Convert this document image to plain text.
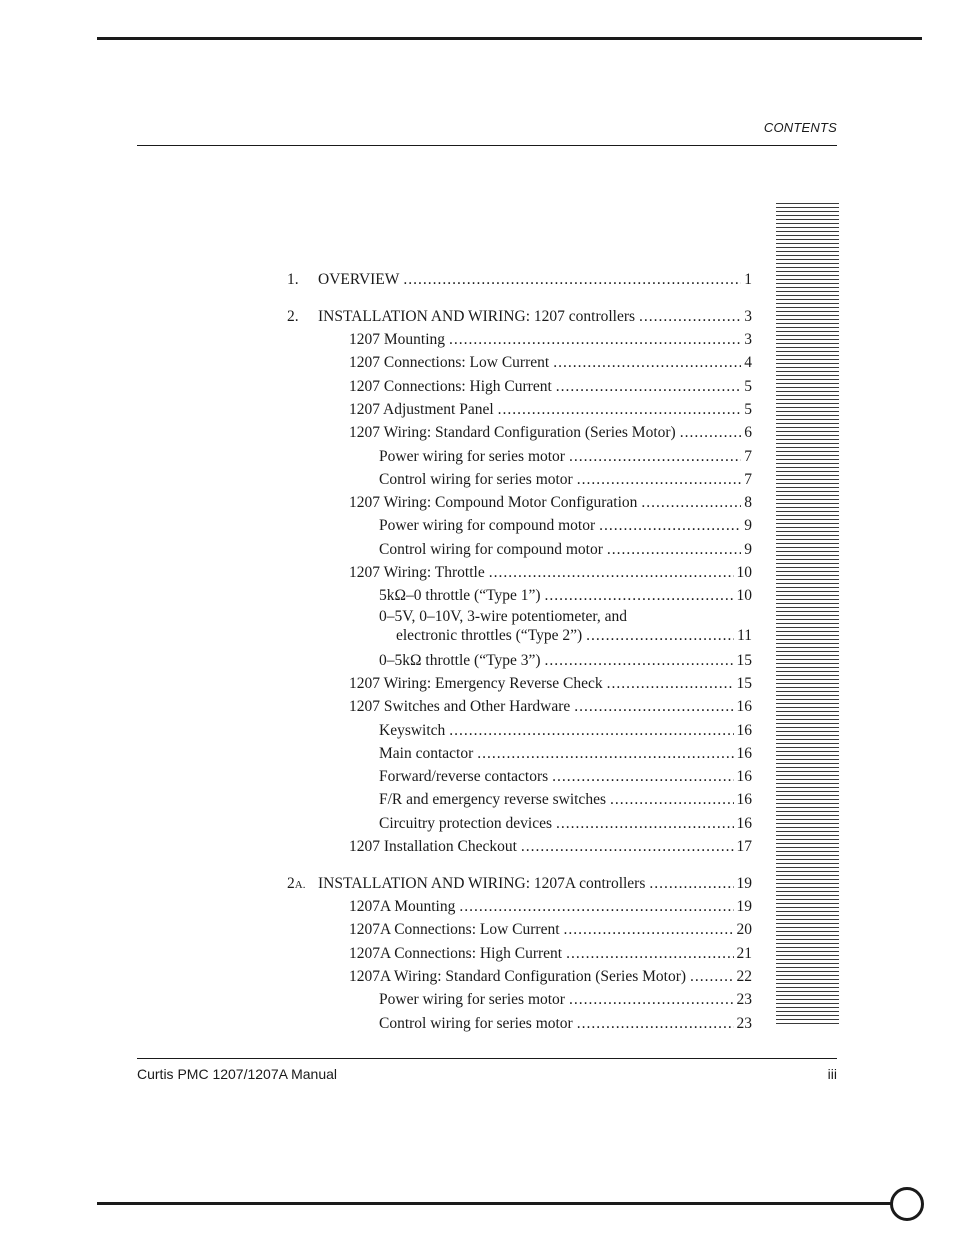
CONTENTS
1. OVERVIEW .....	1
2. INSTALLATION AND WIRING: 1207 controllers .....	3
1207 Mounting .....	3
1207 Connections: Low Current .....	4
1207 Connections: High Current .....	5
1207 Adjustment Panel .....	5
1207 Wiring: Standard Configuration (Series Motor) .....	6
Power wiring for series motor .....	7
Control wiring for series motor .....	7
1207 Wiring: Compound Motor Configuration .....	8
Power wiring for compound motor .....	9
Control wiring for compound motor .....	9
1207 Wiring: Throttle .....	10
5kΩ–0 throttle (“Type 1”) .....	10
0–5V, 0–10V, 3-wire potentiometer, and
electronic throttles (“Type 2”) .....	11
0–5kΩ throttle (“Type 3”) .....	15
1207 Wiring: Emergency Reverse Check .....	15
1207 Switches and Other Hardware .....	16
Keyswitch .....	16
Main contactor .....	16
Forward/reverse contactors .....	16
F/R and emergency reverse switches .....	16
Circuitry protection devices .....	16
1207 Installation Checkout .....	17
2A. INSTALLATION AND WIRING: 1207A controllers .....	19
1207A Mounting .....	19
1207A Connections: Low Current .....	20
1207A Connections: High Current .....	21
1207A Wiring: Standard Configuration (Series Motor) .....	22
Power wiring for series motor .....	23
Control wiring for series motor .....	23
Curtis PMC 1207/1207A Manual	iii
